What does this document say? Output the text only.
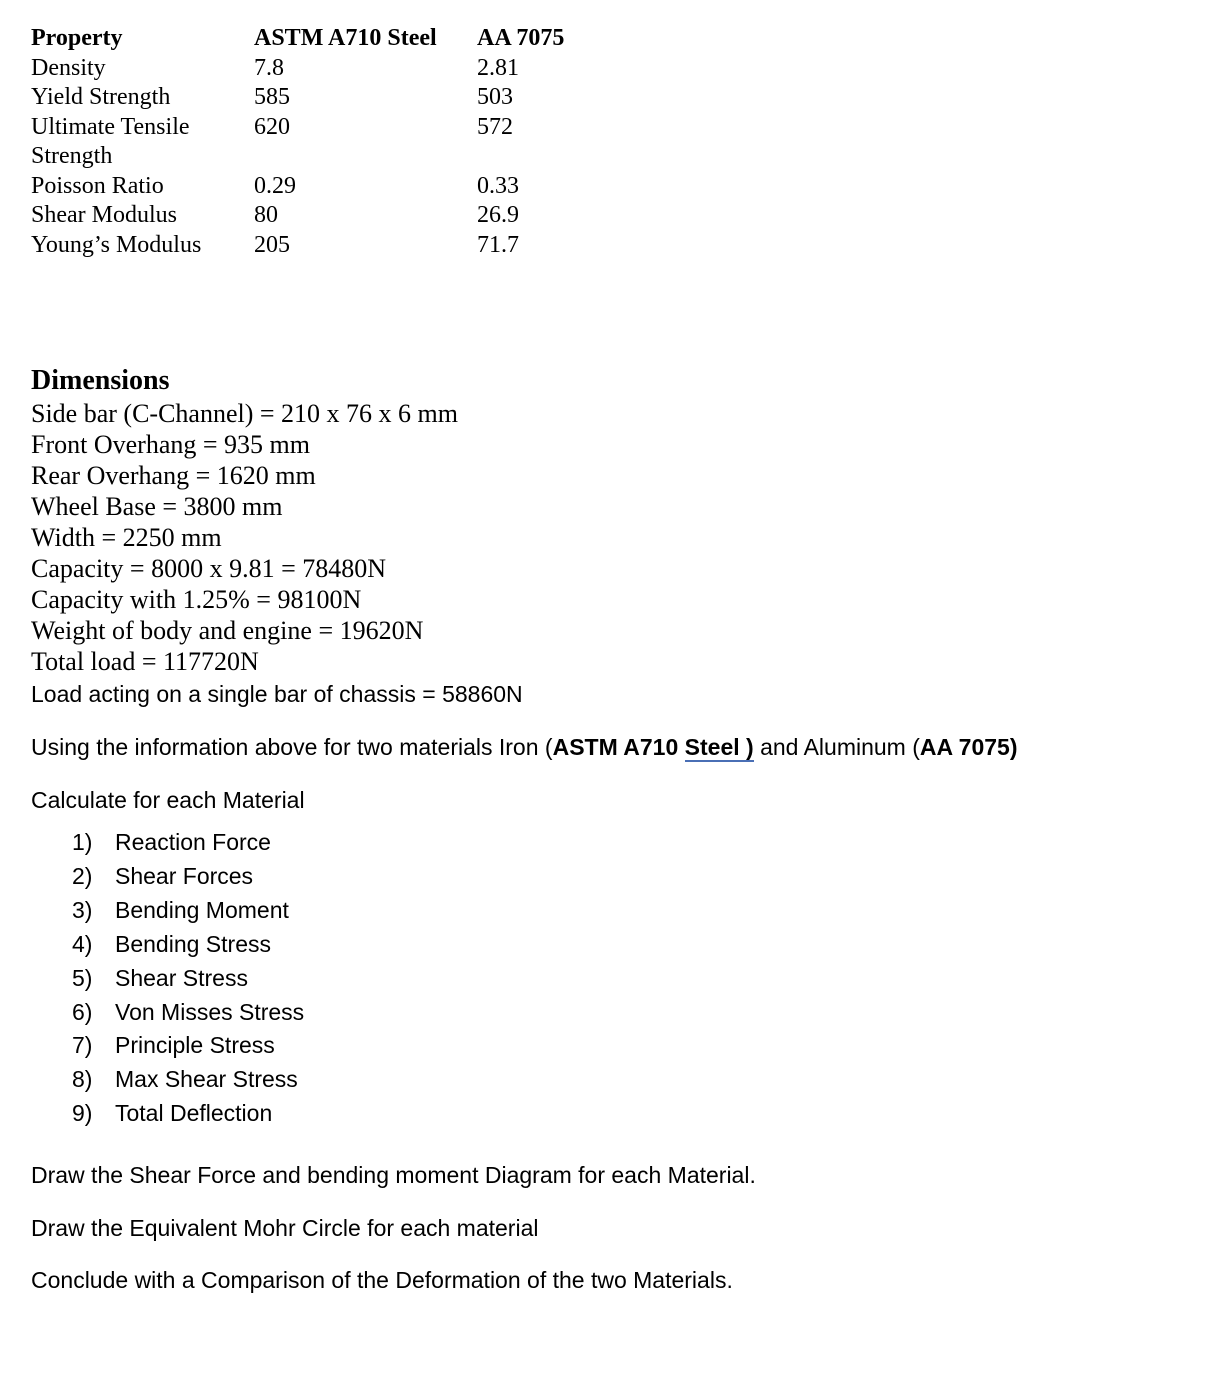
Property	ASTM A710 Steel	AA 7075
Density	7.8	2.81
Yield Strength	585	503

Ultimate Tensile Strength	620	572
Poisson Ratio	0.29	0.33
Shear Modulus	80	26.9
Young’s Modulus	205	71.7
Dimensions
Side bar (C-Channel) = 210 x 76 x 6 mm
Front Overhang = 935 mm
Rear Overhang = 1620 mm
Wheel Base = 3800 mm
Width = 2250 mm
Capacity = 8000 x 9.81 = 78480N
Capacity with 1.25% = 98100N
Weight of body and engine = 19620N
Total load = 117720N
Load acting on a single bar of chassis = 58860N
Using the information above for two materials Iron (ASTM A710 Steel ) and Aluminum (AA 7075)
Calculate for each Material
1) Reaction Force
2) Shear Forces
3) Bending Moment
4) Bending Stress
5) Shear Stress
6) Von Misses Stress
7) Principle Stress
8) Max Shear Stress
9) Total Deflection
Draw the Shear Force and bending moment Diagram for each Material.
Draw the Equivalent Mohr Circle for each material
Conclude with a Comparison of the Deformation of the two Materials.
